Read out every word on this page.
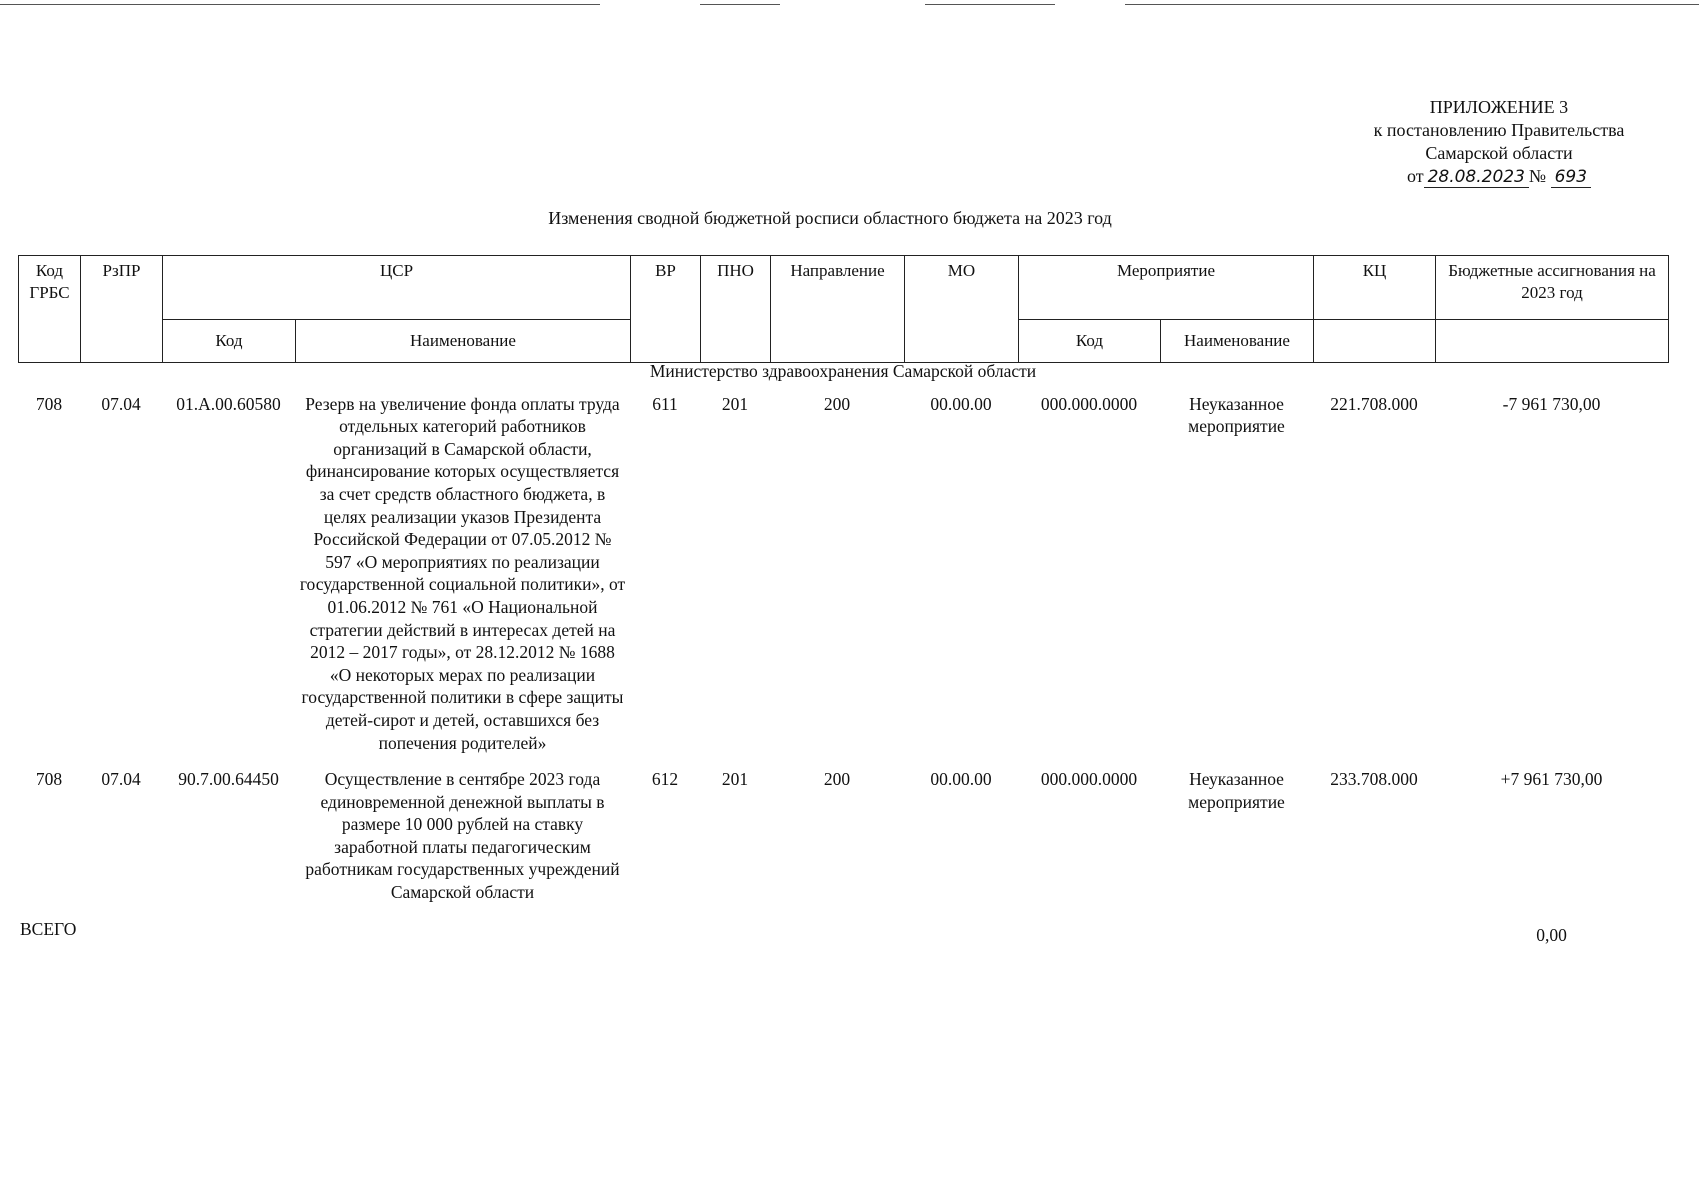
ПРИЛОЖЕНИЕ 3
к постановлению Правительства
Самарской области
от 28.08.2023 № 693
Изменения сводной бюджетной росписи областного бюджета на 2023 год
Код ГРБС	РзПР	ЦСР		ВР	ПНО	Направление	МО	Мероприятие		КЦ	Бюджетные ассигнования на 2023 год
		Код	Наименование					Код	Наименование		
Министерство здравоохранения Самарской области											
708	07.04	01.А.00.60580	Резерв на увеличение фонда оплаты труда отдельных категорий работников организаций в Самарской области, финансирование которых осуществляется за счет средств областного бюджета, в целях реализации указов Президента Российской Федерации от 07.05.2012 № 597 «О мероприятиях по реализации государственной социальной политики», от 01.06.2012 № 761 «О Национальной стратегии действий в интересах детей на 2012 – 2017 годы», от 28.12.2012 № 1688 «О некоторых мерах по реализации государственной политики в сфере защиты детей-сирот и детей, оставшихся без попечения родителей»	611	201	200	00.00.00	000.000.0000	Неуказанное мероприятие	221.708.000	-7 961 730,00
708	07.04	90.7.00.64450	Осуществление в сентябре 2023 года единовременной денежной выплаты в размере 10 000 рублей на ставку заработной платы педагогическим работникам государственных учреждений Самарской области	612	201	200	00.00.00	000.000.0000	Неуказанное мероприятие	233.708.000	+7 961 730,00
ВСЕГО											0,00
